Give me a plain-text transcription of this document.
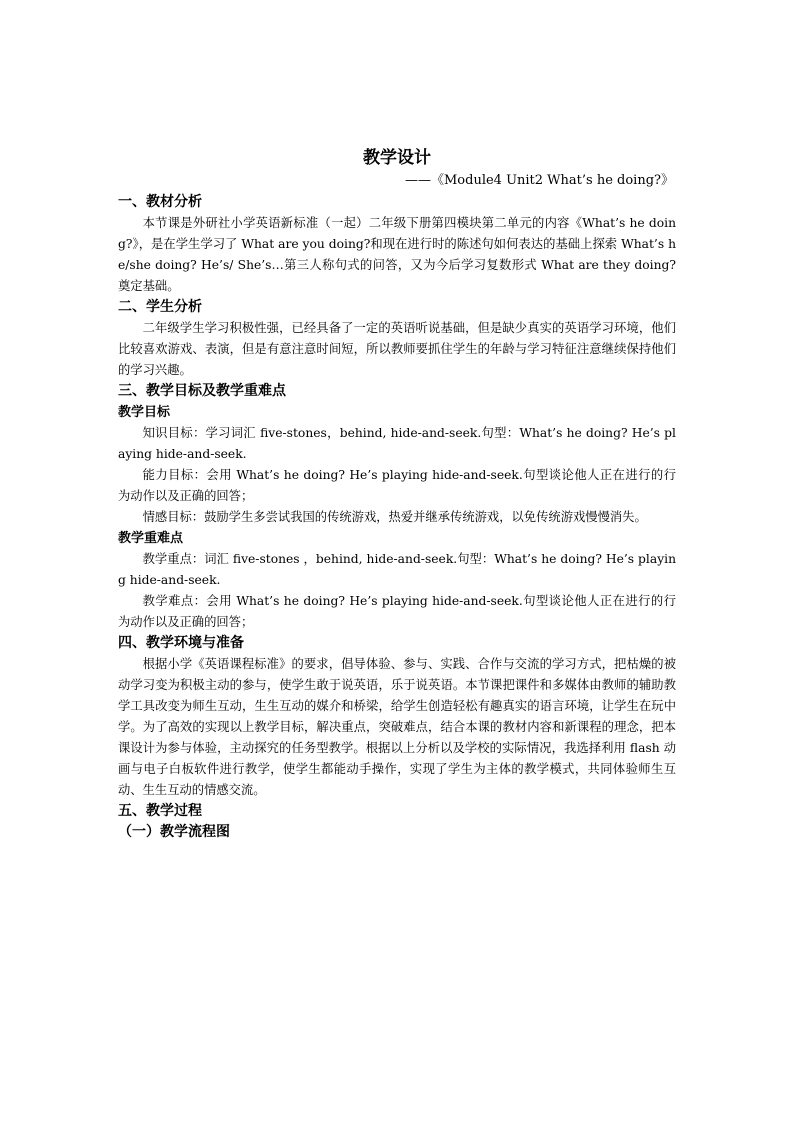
教学设计

——《Module4 Unit2 What’s he doing?》

一、教材分析

本节课是外研社小学英语新标准（一起）二年级下册第四模块第二单元的内容《What’s he doing?》，是在学生学习了 What are you doing?和现在进行时的陈述句如何表达的基础上探索 What’s he/she doing? He’s/ She’s…第三人称句式的问答，又为今后学习复数形式 What are they doing? 奠定基础。

二、学生分析

二年级学生学习积极性强，已经具备了一定的英语听说基础，但是缺少真实的英语学习环境，他们比较喜欢游戏、表演，但是有意注意时间短，所以教师要抓住学生的年龄与学习特征注意继续保持他们的学习兴趣。

三、教学目标及教学重难点

教学目标

知识目标：学习词汇 five-stones，behind, hide-and-seek.句型：What’s he doing? He’s playing hide-and-seek.

能力目标：会用 What’s he doing? He’s playing hide-and-seek.句型谈论他人正在进行的行为动作以及正确的回答；

情感目标：鼓励学生多尝试我国的传统游戏，热爱并继承传统游戏，以免传统游戏慢慢消失。

教学重难点

教学重点：词汇 five-stones ，behind, hide-and-seek.句型：What’s he doing? He’s playing hide-and-seek.

教学难点：会用 What’s he doing? He’s playing hide-and-seek.句型谈论他人正在进行的行为动作以及正确的回答；

四、教学环境与准备

根据小学《英语课程标准》的要求，倡导体验、参与、实践、合作与交流的学习方式，把枯燥的被动学习变为积极主动的参与，使学生敢于说英语，乐于说英语。本节课把课件和多媒体由教师的辅助教学工具改变为师生互动，生生互动的媒介和桥梁，给学生创造轻松有趣真实的语言环境，让学生在玩中学。为了高效的实现以上教学目标，解决重点，突破难点，结合本课的教材内容和新课程的理念，把本课设计为参与体验，主动探究的任务型教学。根据以上分析以及学校的实际情况，我选择利用 flash 动画与电子白板软件进行教学，使学生都能动手操作，实现了学生为主体的教学模式，共同体验师生互动、生生互动的情感交流。

五、教学过程

（一）教学流程图
